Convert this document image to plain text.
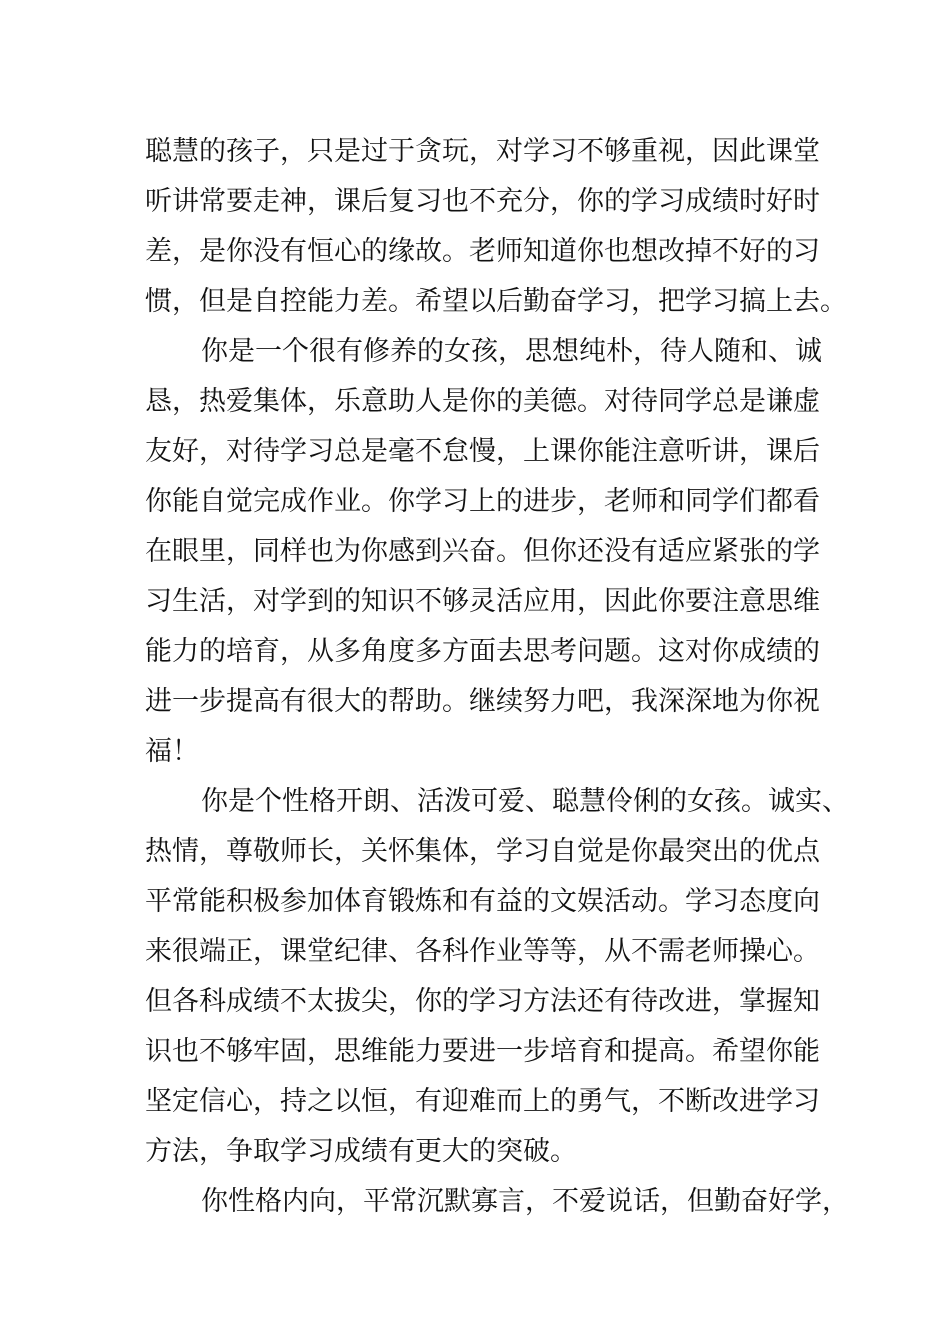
聪慧的孩子，只是过于贪玩，对学习不够重视，因此课堂
听讲常要走神，课后复习也不充分，你的学习成绩时好时
差，是你没有恒心的缘故。老师知道你也想改掉不好的习
惯，但是自控能力差。希望以后勤奋学习，把学习搞上去。
你是一个很有修养的女孩，思想纯朴，待人随和、诚
恳，热爱集体，乐意助人是你的美德。对待同学总是谦虚
友好，对待学习总是毫不怠慢，上课你能注意听讲，课后
你能自觉完成作业。你学习上的进步，老师和同学们都看
在眼里，同样也为你感到兴奋。但你还没有适应紧张的学
习生活，对学到的知识不够灵活应用，因此你要注意思维
能力的培育，从多角度多方面去思考问题。这对你成绩的
进一步提高有很大的帮助。继续努力吧，我深深地为你祝
福！
你是个性格开朗、活泼可爱、聪慧伶俐的女孩。诚实、
热情，尊敬师长，关怀集体，学习自觉是你最突出的优点
平常能积极参加体育锻炼和有益的文娱活动。学习态度向
来很端正，课堂纪律、各科作业等等，从不需老师操心。
但各科成绩不太拔尖，你的学习方法还有待改进，掌握知
识也不够牢固，思维能力要进一步培育和提高。希望你能
坚定信心，持之以恒，有迎难而上的勇气，不断改进学习
方法，争取学习成绩有更大的突破。
你性格内向，平常沉默寡言，不爱说话，但勤奋好学，
